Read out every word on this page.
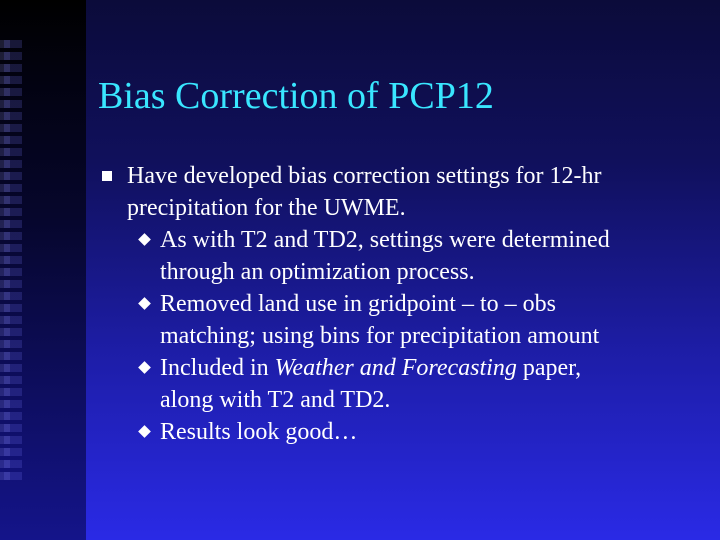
Bias Correction of PCP12
Have developed bias correction settings for 12-hr
precipitation for the UWME.
As with T2 and TD2, settings were determined
through an optimization process.
Removed land use in gridpoint – to – obs
matching; using bins for precipitation amount
Included in Weather and Forecasting paper,
along with T2 and TD2.
Results look good…
